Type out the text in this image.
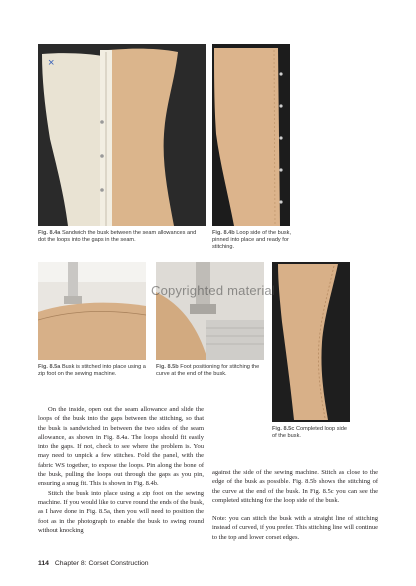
×
Fig. 8.4a Sandwich the busk between the seam allowances and dot the loops into the gaps in the seam.
Fig. 8.4b Loop side of the busk, pinned into place and ready for stitching.
Copyrighted material
Fig. 8.5a Busk is stitched into place using a zip foot on the sewing machine.
Fig. 8.5b Foot positioning for stitching the curve at the end of the busk.
Fig. 8.5c Completed loop side of the busk.

On the inside, open out the seam allowance and slide the loops of the busk into the gaps between the stitching, so that the busk is sandwiched in between the two sides of the seam allowance, as shown in Fig. 8.4a. The loops should fit easily into the gaps. If not, check to see where the problem is. You may need to unpick a few stitches. Fold the panel, with the fabric WS together, to expose the loops. Pin along the bone of the busk, pulling the loops out through the gaps as you pin, ensuring a snug fit. This is shown in Fig. 8.4b.

Stitch the busk into place using a zip foot on the sewing machine. If you would like to curve round the ends of the busk, as I have done in Fig. 8.5a, then you will need to position the foot as in the photograph to enable the busk to swing round without knocking

against the side of the sewing machine. Stitch as close to the edge of the busk as possible. Fig. 8.5b shows the stitching of the curve at the end of the busk. In Fig. 8.5c you can see the completed stitching for the loop side of the busk.

Note: you can stitch the busk with a straight line of stitching instead of curved, if you prefer. This stitching line will continue to the top and lower corset edges.

114 Chapter 8: Corset Construction
